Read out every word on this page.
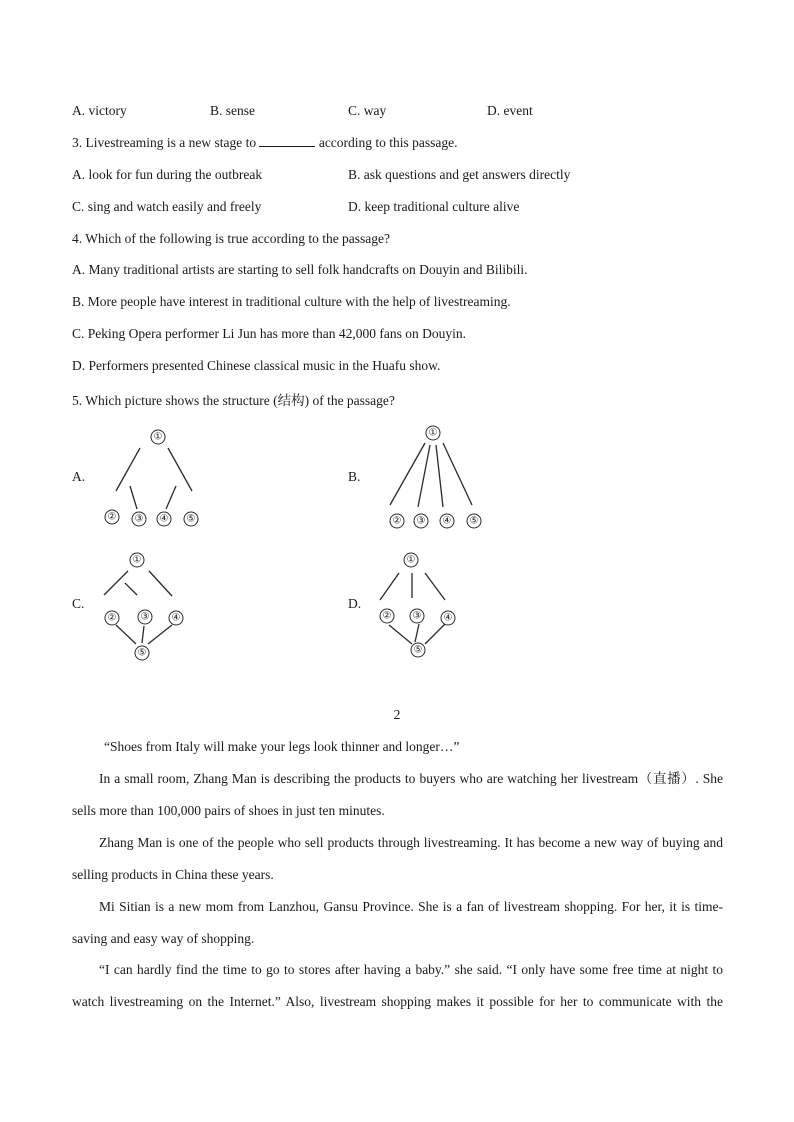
A. victory	B. sense	C. way	D. event
3. Livestreaming is a new stage to	according to this passage.
A. look for fun during the outbreak	B. ask questions and get answers directly
C. sing and watch easily and freely	D. keep traditional culture alive
4. Which of the following is true according to the passage?
A. Many traditional artists are starting to sell folk handcrafts on Douyin and Bilibili.
B. More people have interest in traditional culture with the help of livestreaming.
C. Peking Opera performer Li Jun has more than 42,000 fans on Douyin.
D. Performers presented Chinese classical music in the Huafu show.
5. Which picture shows the structure (结构) of the passage?
A.
①
② ③ ④ ⑤
B.
①
② ③ ④ ⑤
C.
①
② ③ ④
⑤
D.
①
② ③ ④
⑤
2
“Shoes from Italy will make your legs look thinner and longer…”
In a small room, Zhang Man is describing the products to buyers who are watching her livestream（直播）. She sells more than 100,000 pairs of shoes in just ten minutes.
Zhang Man is one of the people who sell products through livestreaming. It has become a new way of buying and selling products in China these years.
Mi Sitian is a new mom from Lanzhou, Gansu Province. She is a fan of livestream shopping. For her, it is time-saving and easy way of shopping.
“I can hardly find the time to go to stores after having a baby.” she said. “I only have some free time at night to watch livestreaming on the Internet.” Also, livestream shopping makes it possible for her to communicate with the
